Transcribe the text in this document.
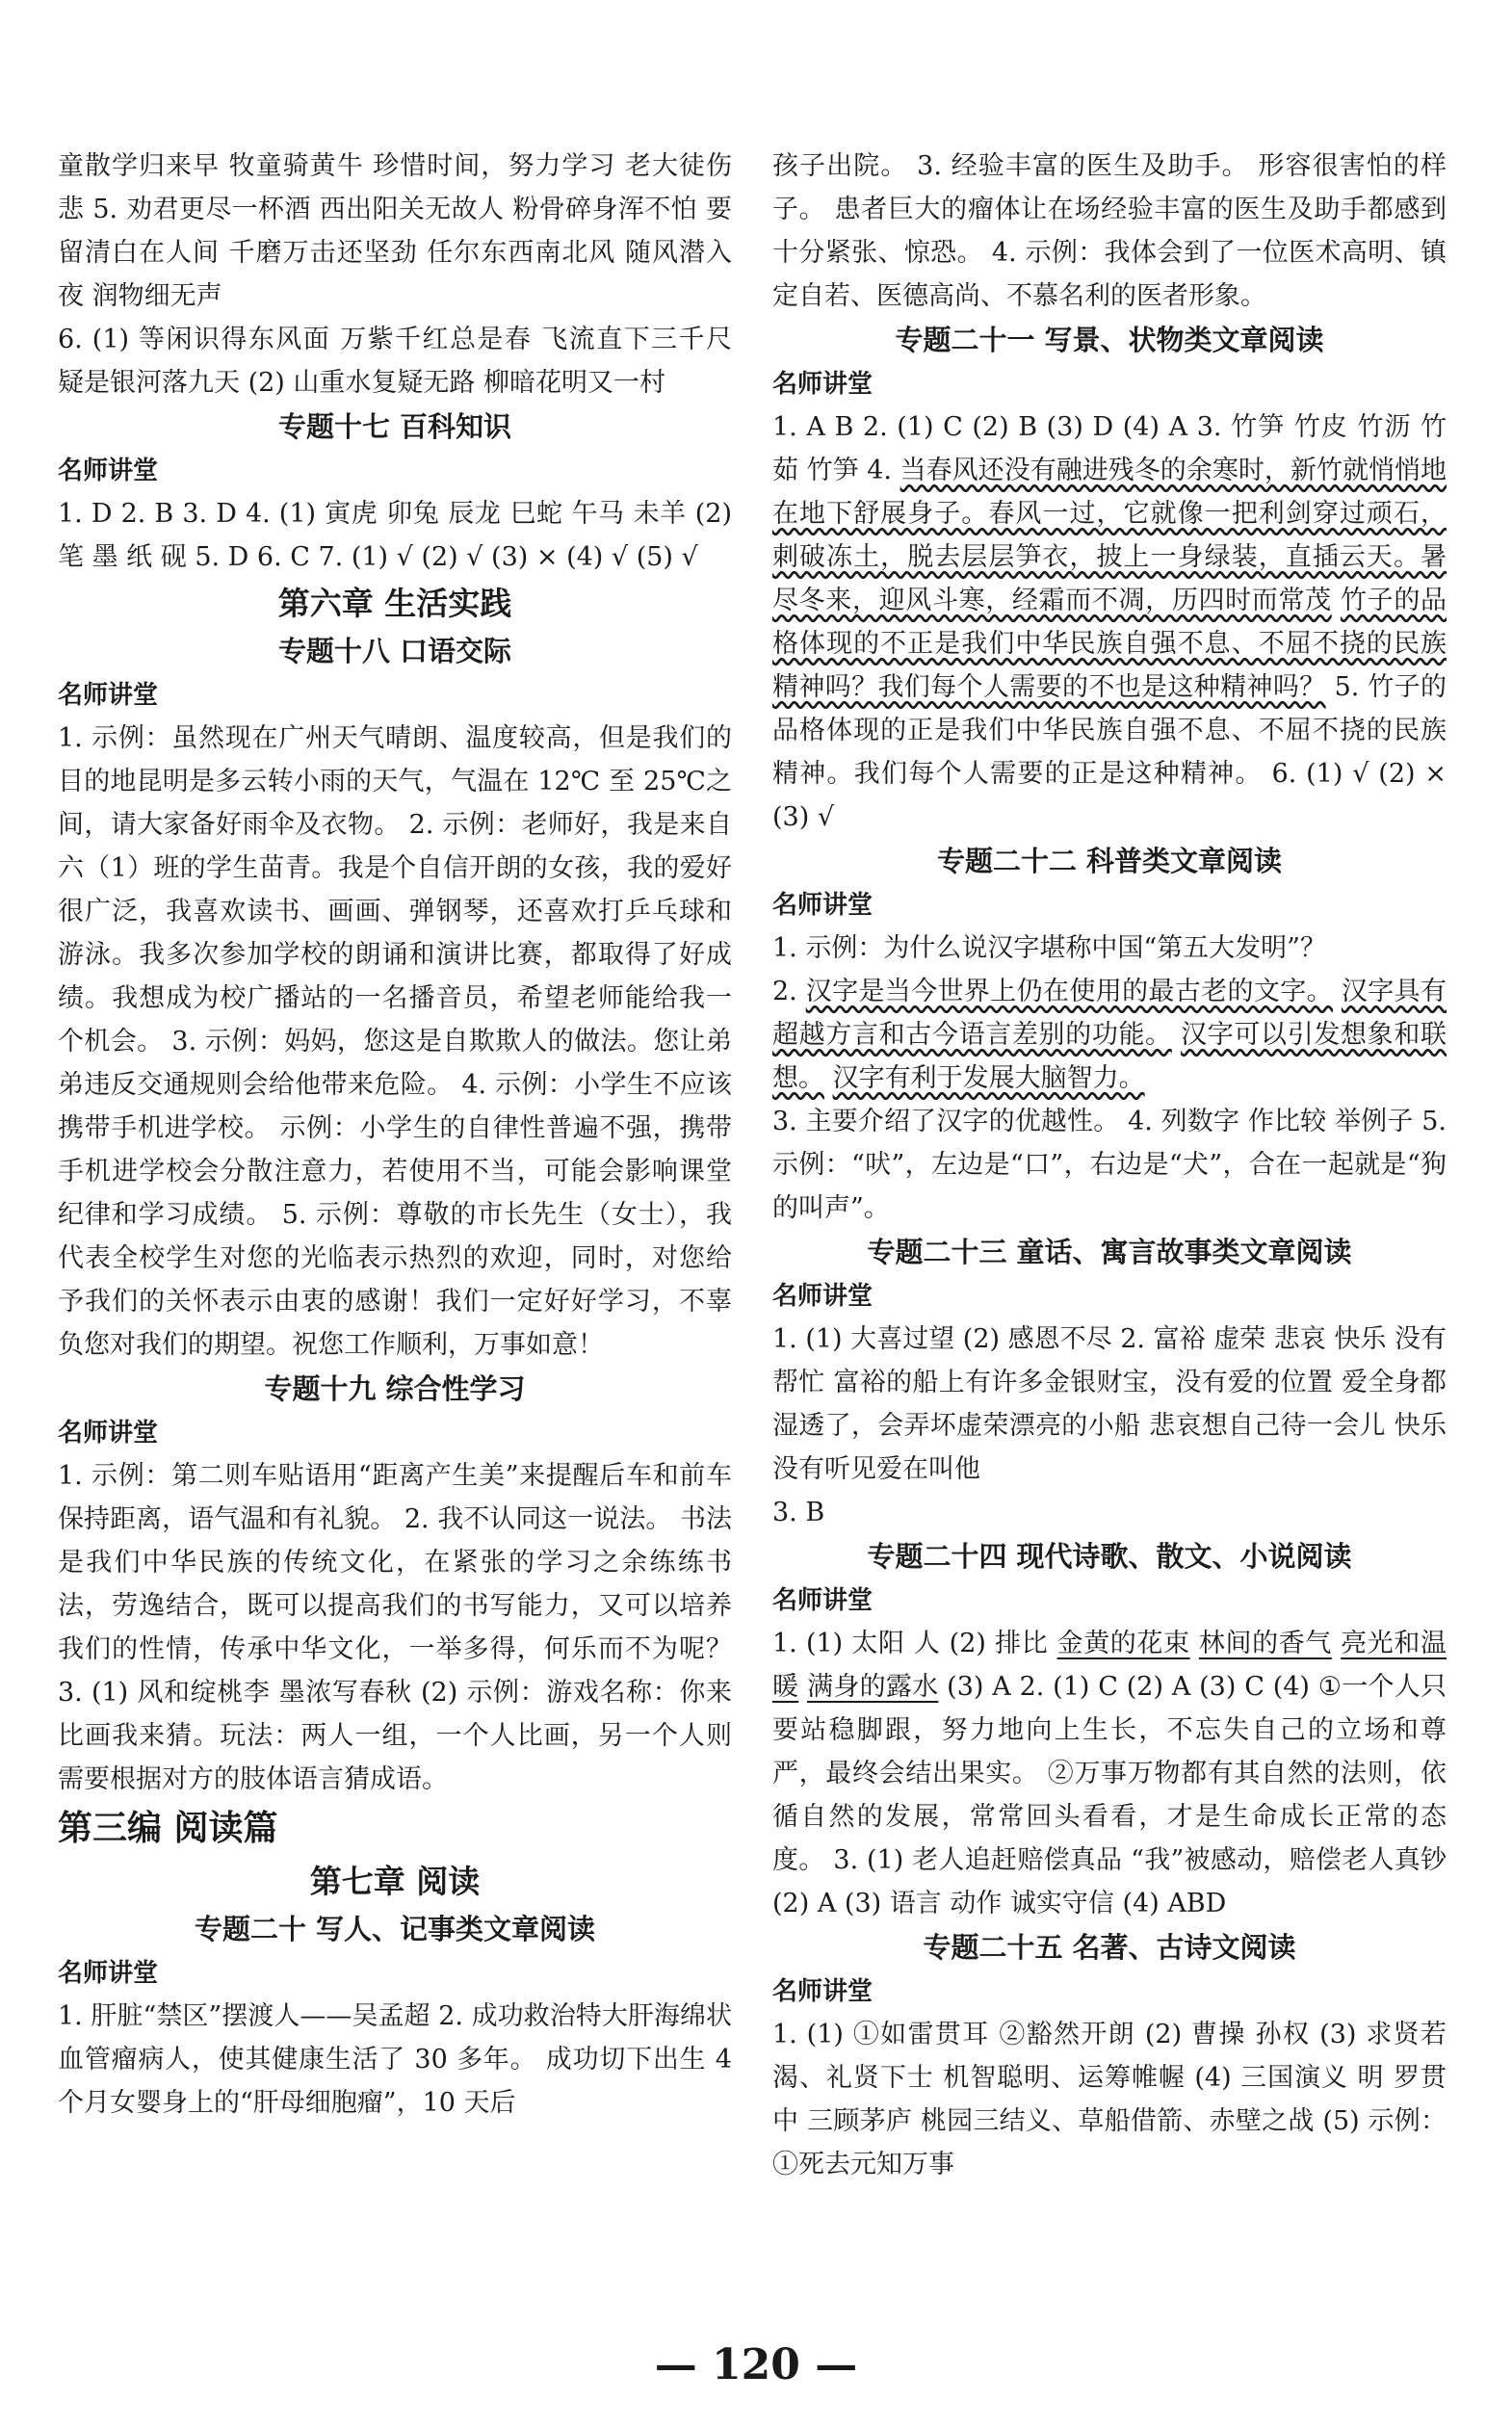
童散学归来早 牧童骑黄牛 珍惜时间，努力学习 老大徒伤悲 5. 劝君更尽一杯酒 西出阳关无故人 粉骨碎身浑不怕 要留清白在人间 千磨万击还坚劲 任尔东西南北风 随风潜入夜 润物细无声

6. (1) 等闲识得东风面 万紫千红总是春 飞流直下三千尺 疑是银河落九天 (2) 山重水复疑无路 柳暗花明又一村

专题十七 百科知识

名师讲堂

1. D 2. B 3. D 4. (1) 寅虎 卯兔 辰龙 巳蛇 午马 未羊 (2) 笔 墨 纸 砚 5. D 6. C 7. (1) √ (2) √ (3) × (4) √ (5) √

第六章 生活实践

专题十八 口语交际

名师讲堂

1. 示例：虽然现在广州天气晴朗、温度较高，但是我们的目的地昆明是多云转小雨的天气，气温在 12℃ 至 25℃之间，请大家备好雨伞及衣物。 2. 示例：老师好，我是来自六（1）班的学生苗青。我是个自信开朗的女孩，我的爱好很广泛，我喜欢读书、画画、弹钢琴，还喜欢打乒乓球和游泳。我多次参加学校的朗诵和演讲比赛，都取得了好成绩。我想成为校广播站的一名播音员，希望老师能给我一个机会。 3. 示例：妈妈，您这是自欺欺人的做法。您让弟弟违反交通规则会给他带来危险。 4. 示例：小学生不应该携带手机进学校。 示例：小学生的自律性普遍不强，携带手机进学校会分散注意力，若使用不当，可能会影响课堂纪律和学习成绩。 5. 示例：尊敬的市长先生（女士），我代表全校学生对您的光临表示热烈的欢迎，同时，对您给予我们的关怀表示由衷的感谢！我们一定好好学习，不辜负您对我们的期望。祝您工作顺利，万事如意！

专题十九 综合性学习

名师讲堂

1. 示例：第二则车贴语用“距离产生美”来提醒后车和前车保持距离，语气温和有礼貌。 2. 我不认同这一说法。 书法是我们中华民族的传统文化，在紧张的学习之余练练书法，劳逸结合，既可以提高我们的书写能力，又可以培养我们的性情，传承中华文化，一举多得，何乐而不为呢？ 3. (1) 风和绽桃李 墨浓写春秋 (2) 示例：游戏名称：你来比画我来猜。玩法：两人一组，一个人比画，另一个人则需要根据对方的肢体语言猜成语。

第三编 阅读篇

第七章 阅读

专题二十 写人、记事类文章阅读

名师讲堂

1. 肝脏“禁区”摆渡人——吴孟超 2. 成功救治特大肝海绵状血管瘤病人，使其健康生活了 30 多年。 成功切下出生 4 个月女婴身上的“肝母细胞瘤”，10 天后

孩子出院。 3. 经验丰富的医生及助手。 形容很害怕的样子。 患者巨大的瘤体让在场经验丰富的医生及助手都感到十分紧张、惊恐。 4. 示例：我体会到了一位医术高明、镇定自若、医德高尚、不慕名利的医者形象。

专题二十一 写景、状物类文章阅读

名师讲堂

1. A B 2. (1) C (2) B (3) D (4) A 3. 竹笋 竹皮 竹沥 竹茹 竹笋 4. 当春风还没有融进残冬的余寒时，新竹就悄悄地在地下舒展身子。春风一过，它就像一把利剑穿过顽石，刺破冻土，脱去层层笋衣，披上一身绿装，直插云天。暑尽冬来，迎风斗寒，经霜而不凋，历四时而常茂 竹子的品格体现的不正是我们中华民族自强不息、不屈不挠的民族精神吗？我们每个人需要的不也是这种精神吗？ 5. 竹子的品格体现的正是我们中华民族自强不息、不屈不挠的民族精神。我们每个人需要的正是这种精神。 6. (1) √ (2) × (3) √

专题二十二 科普类文章阅读

名师讲堂

1. 示例：为什么说汉字堪称中国“第五大发明”？

2. 汉字是当今世界上仍在使用的最古老的文字。 汉字具有超越方言和古今语言差别的功能。 汉字可以引发想象和联想。 汉字有利于发展大脑智力。

3. 主要介绍了汉字的优越性。 4. 列数字 作比较 举例子 5. 示例：“吠”，左边是“口”，右边是“犬”，合在一起就是“狗的叫声”。

专题二十三 童话、寓言故事类文章阅读

名师讲堂

1. (1) 大喜过望 (2) 感恩不尽 2. 富裕 虚荣 悲哀 快乐 没有帮忙 富裕的船上有许多金银财宝，没有爱的位置 爱全身都湿透了，会弄坏虚荣漂亮的小船 悲哀想自己待一会儿 快乐没有听见爱在叫他

3. B

专题二十四 现代诗歌、散文、小说阅读

名师讲堂

1. (1) 太阳 人 (2) 排比 金黄的花束 林间的香气 亮光和温暖 满身的露水 (3) A 2. (1) C (2) A (3) C (4) ①一个人只要站稳脚跟，努力地向上生长，不忘失自己的立场和尊严，最终会结出果实。 ②万事万物都有其自然的法则，依循自然的发展，常常回头看看，才是生命成长正常的态度。 3. (1) 老人追赶赔偿真品 “我”被感动，赔偿老人真钞 (2) A (3) 语言 动作 诚实守信 (4) ABD

专题二十五 名著、古诗文阅读

名师讲堂

1. (1) ①如雷贯耳 ②豁然开朗 (2) 曹操 孙权 (3) 求贤若渴、礼贤下士 机智聪明、运筹帷幄 (4) 三国演义 明 罗贯中 三顾茅庐 桃园三结义、草船借箭、赤壁之战 (5) 示例：①死去元知万事

— 120 —
